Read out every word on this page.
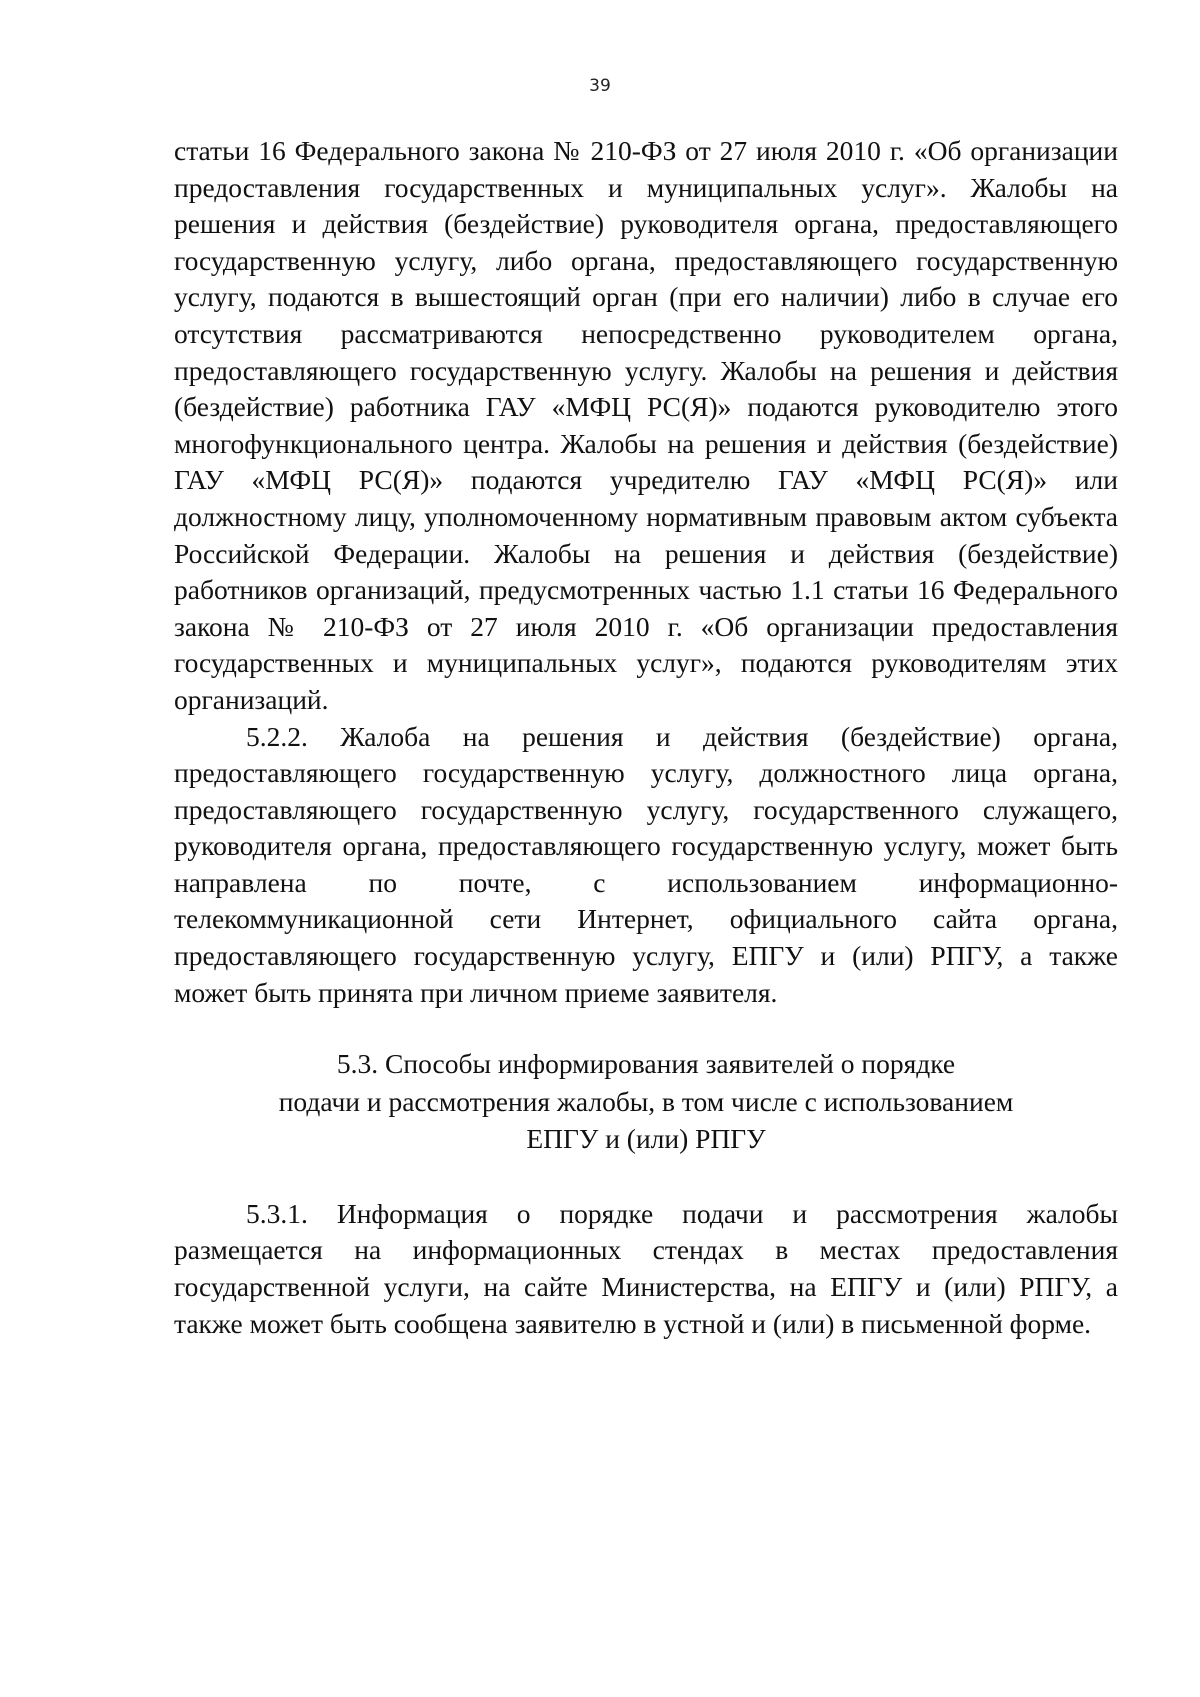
39

статьи 16 Федерального закона № 210-ФЗ от 27 июля 2010 г. «Об организации предоставления государственных и муниципальных услуг». Жалобы на решения и действия (бездействие) руководителя органа, предоставляющего государственную услугу, либо органа, предоставляющего государственную услугу, подаются в вышестоящий орган (при его наличии) либо в случае его отсутствия рассматриваются непосредственно руководителем органа, предоставляющего государственную услугу. Жалобы на решения и действия (бездействие) работника ГАУ «МФЦ РС(Я)» подаются руководителю этого многофункционального центра. Жалобы на решения и действия (бездействие) ГАУ «МФЦ РС(Я)» подаются учредителю ГАУ «МФЦ РС(Я)» или должностному лицу, уполномоченному нормативным правовым актом субъекта Российской Федерации. Жалобы на решения и действия (бездействие) работников организаций, предусмотренных частью 1.1 статьи 16 Федерального закона № 210-ФЗ от 27 июля 2010 г. «Об организации предоставления государственных и муниципальных услуг», подаются руководителям этих организаций.

5.2.2. Жалоба на решения и действия (бездействие) органа, предоставляющего государственную услугу, должностного лица органа, предоставляющего государственную услугу, государственного служащего, руководителя органа, предоставляющего государственную услугу, может быть направлена по почте, с использованием информационно-телекоммуникационной сети Интернет, официального сайта органа, предоставляющего государственную услугу, ЕПГУ и (или) РПГУ, а также может быть принята при личном приеме заявителя.

5.3. Способы информирования заявителей о порядке
подачи и рассмотрения жалобы, в том числе с использованием
ЕПГУ и (или) РПГУ

5.3.1. Информация о порядке подачи и рассмотрения жалобы размещается на информационных стендах в местах предоставления государственной услуги, на сайте Министерства, на ЕПГУ и (или) РПГУ, а также может быть сообщена заявителю в устной и (или) в письменной форме.
